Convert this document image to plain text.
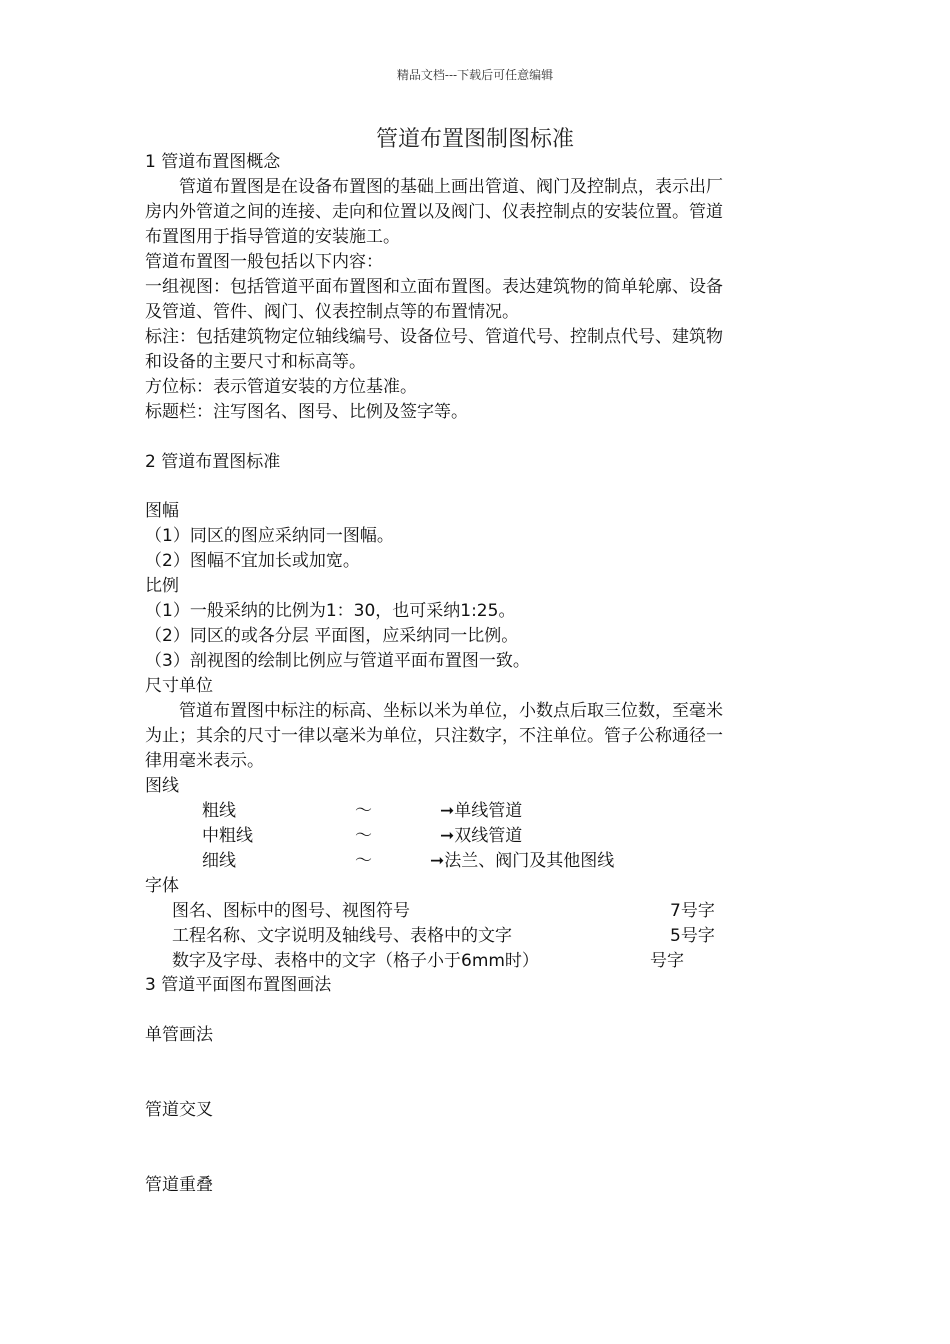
精品文档---下载后可任意编辑
管道布置图制图标准
1 管道布置图概念
　　管道布置图是在设备布置图的基础上画出管道、阀门及控制点，表示出厂
房内外管道之间的连接、走向和位置以及阀门、仪表控制点的安装位置。管道
布置图用于指导管道的安装施工。
管道布置图一般包括以下内容：
一组视图：包括管道平面布置图和立面布置图。表达建筑物的简单轮廓、设备
及管道、管件、阀门、仪表控制点等的布置情况。
标注：包括建筑物定位轴线编号、设备位号、管道代号、控制点代号、建筑物
和设备的主要尺寸和标高等。
方位标：表示管道安装的方位基准。
标题栏：注写图名、图号、比例及签字等。
2 管道布置图标准
图幅
（1）同区的图应采纳同一图幅。
（2）图幅不宜加长或加宽。
比例
（1）一般采纳的比例为1：30，也可采纳1:25。
（2）同区的或各分层 平面图，应采纳同一比例。
（3）剖视图的绘制比例应与管道平面布置图一致。
尺寸单位
　　管道布置图中标注的标高、坐标以米为单位，小数点后取三位数，至毫米
为止；其余的尺寸一律以毫米为单位，只注数字，不注单位。管子公称通径一
律用毫米表示。
图线
粗线	～	➞单线管道
中粗线	～	➞双线管道
细线	～	➞法兰、阀门及其他图线
字体
图名、图标中的图号、视图符号	7号字
工程名称、文字说明及轴线号、表格中的文字	5号字
数字及字母、表格中的文字（格子小于6mm时）	号字
3 管道平面图布置图画法
单管画法
管道交叉
管道重叠
